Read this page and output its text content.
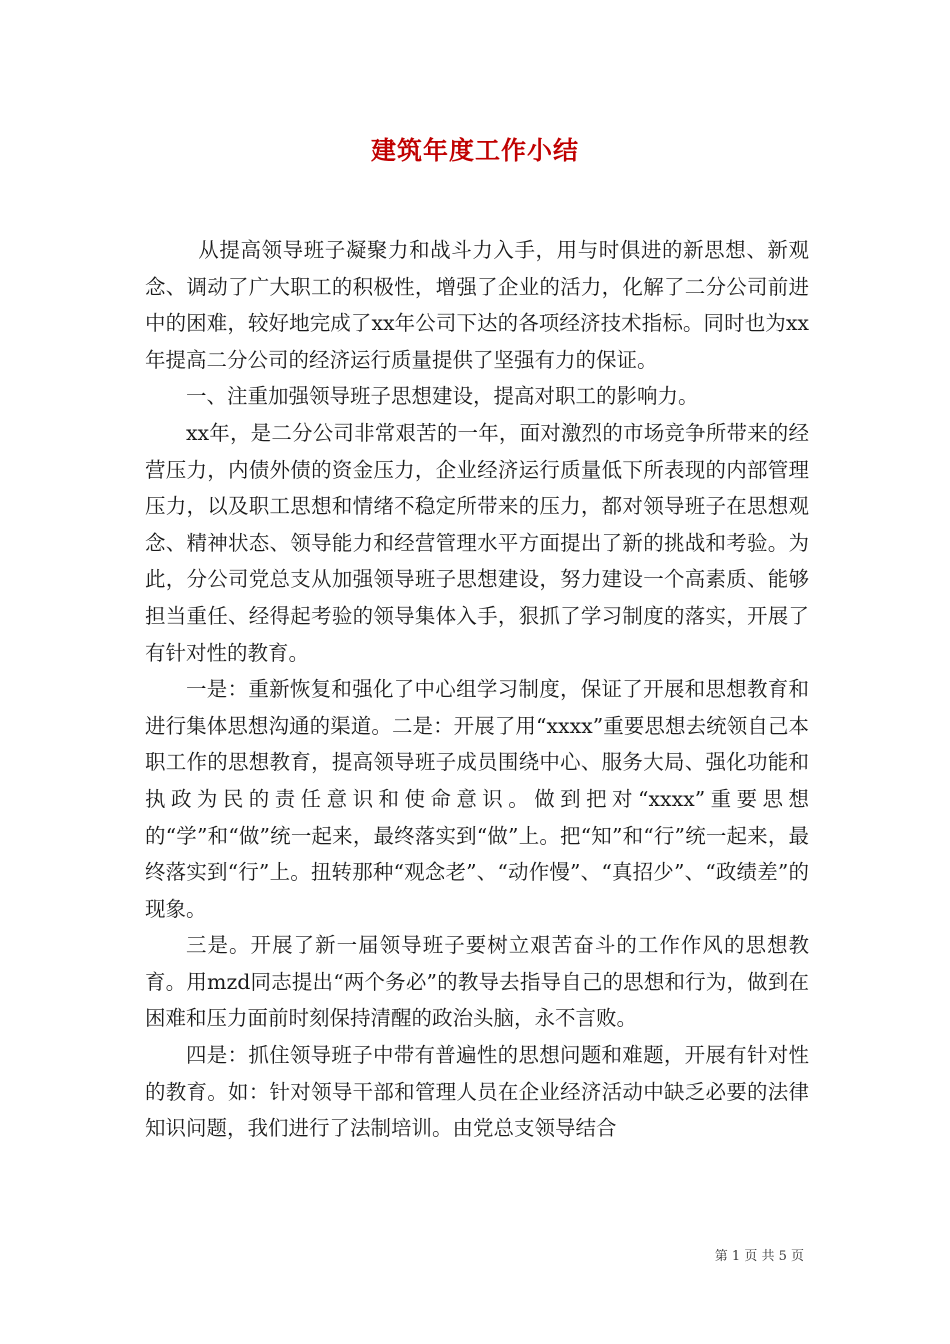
建筑年度工作小结

从提高领导班子凝聚力和战斗力入手，用与时俱进的新思想、新观念、调动了广大职工的积极性，增强了企业的活力，化解了二分公司前进中的困难，较好地完成了xx年公司下达的各项经济技术指标。同时也为xx年提高二分公司的经济运行质量提供了坚强有力的保证。

一、注重加强领导班子思想建设，提高对职工的影响力。

xx年，是二分公司非常艰苦的一年，面对激烈的市场竞争所带来的经营压力，内债外债的资金压力，企业经济运行质量低下所表现的内部管理压力，以及职工思想和情绪不稳定所带来的压力，都对领导班子在思想观念、精神状态、领导能力和经营管理水平方面提出了新的挑战和考验。为此，分公司党总支从加强领导班子思想建设，努力建设一个高素质、能够担当重任、经得起考验的领导集体入手，狠抓了学习制度的落实，开展了有针对性的教育。

一是：重新恢复和强化了中心组学习制度，保证了开展和思想教育和进行集体思想沟通的渠道。二是：开展了用“xxxx”重要思想去统领自己本职工作的思想教育，提高领导班子成员围绕中心、服务大局、强化功能和执政为民的责任意识和使命意识。做到把对“xxxx”重要思想的“学”和“做”统一起来，最终落实到“做”上。把“知”和“行”统一起来，最终落实到“行”上。扭转那种“观念老”、“动作慢”、“真招少”、“政绩差”的现象。

三是。开展了新一届领导班子要树立艰苦奋斗的工作作风的思想教育。用mzd同志提出“两个务必”的教导去指导自己的思想和行为，做到在困难和压力面前时刻保持清醒的政治头脑，永不言败。

四是：抓住领导班子中带有普遍性的思想问题和难题，开展有针对性的教育。如：针对领导干部和管理人员在企业经济活动中缺乏必要的法律知识问题，我们进行了法制培训。由党总支领导结合

第 1 页 共 5 页
